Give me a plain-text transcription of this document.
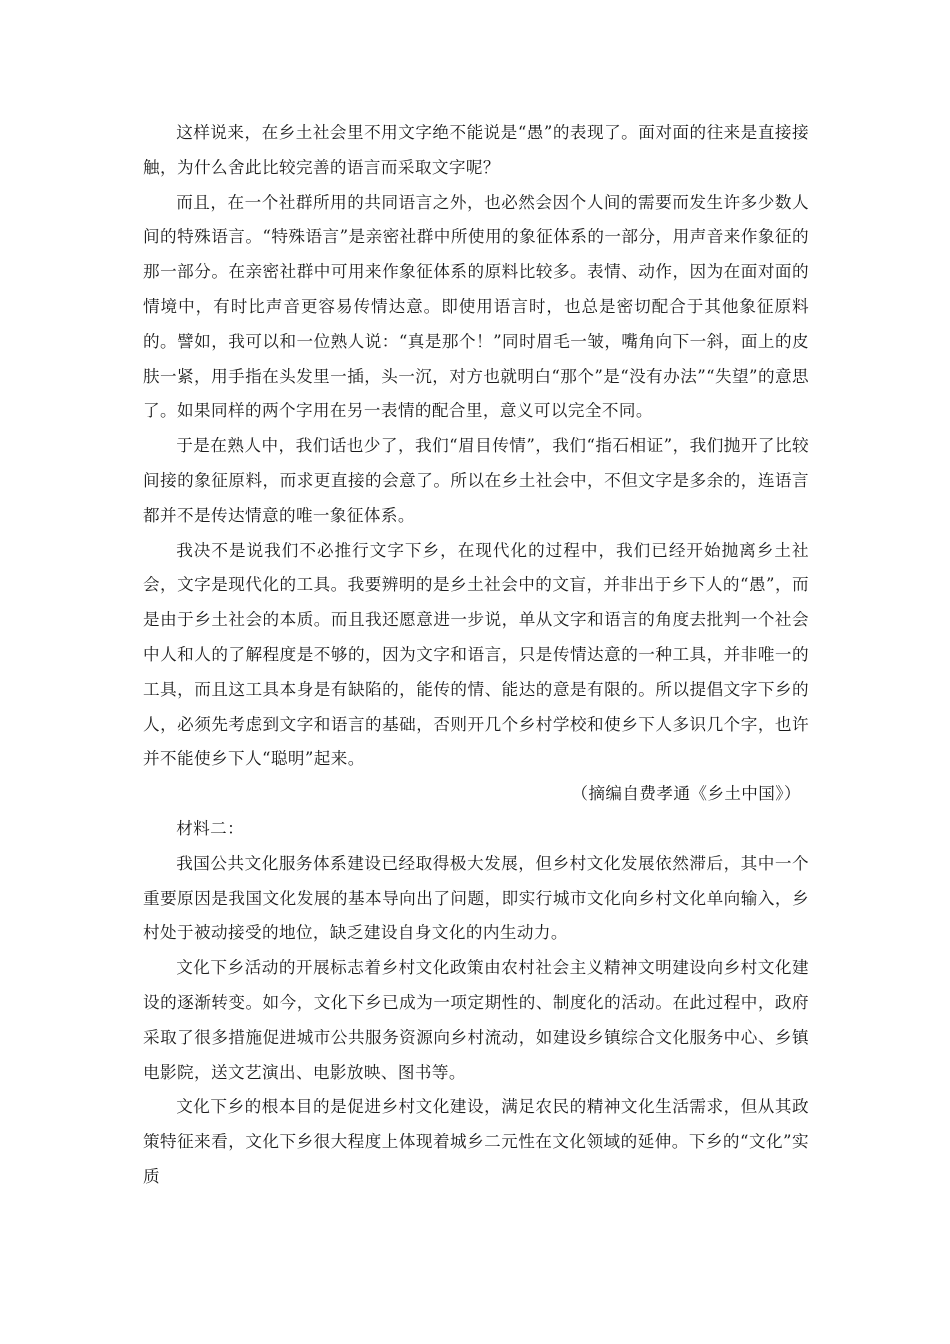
这样说来，在乡土社会里不用文字绝不能说是“愚”的表现了。面对面的往来是直接接触，为什么舍此比较完善的语言而采取文字呢？

而且，在一个社群所用的共同语言之外，也必然会因个人间的需要而发生许多少数人间的特殊语言。“特殊语言”是亲密社群中所使用的象征体系的一部分，用声音来作象征的那一部分。在亲密社群中可用来作象征体系的原料比较多。表情、动作，因为在面对面的情境中，有时比声音更容易传情达意。即使用语言时，也总是密切配合于其他象征原料的。譬如，我可以和一位熟人说：“真是那个！”同时眉毛一皱，嘴角向下一斜，面上的皮肤一紧，用手指在头发里一插，头一沉，对方也就明白“那个”是“没有办法”“失望”的意思了。如果同样的两个字用在另一表情的配合里，意义可以完全不同。

于是在熟人中，我们话也少了，我们“眉目传情”，我们“指石相证”，我们抛开了比较间接的象征原料，而求更直接的会意了。所以在乡土社会中，不但文字是多余的，连语言都并不是传达情意的唯一象征体系。

我决不是说我们不必推行文字下乡，在现代化的过程中，我们已经开始抛离乡土社会，文字是现代化的工具。我要辨明的是乡土社会中的文盲，并非出于乡下人的“愚”，而是由于乡土社会的本质。而且我还愿意进一步说，单从文字和语言的角度去批判一个社会中人和人的了解程度是不够的，因为文字和语言，只是传情达意的一种工具，并非唯一的工具，而且这工具本身是有缺陷的，能传的情、能达的意是有限的。所以提倡文字下乡的人，必须先考虑到文字和语言的基础，否则开几个乡村学校和使乡下人多识几个字，也许并不能使乡下人“聪明”起来。

（摘编自费孝通《乡土中国》）

材料二：

我国公共文化服务体系建设已经取得极大发展，但乡村文化发展依然滞后，其中一个重要原因是我国文化发展的基本导向出了问题，即实行城市文化向乡村文化单向输入，乡村处于被动接受的地位，缺乏建设自身文化的内生动力。

文化下乡活动的开展标志着乡村文化政策由农村社会主义精神文明建设向乡村文化建设的逐渐转变。如今，文化下乡已成为一项定期性的、制度化的活动。在此过程中，政府采取了很多措施促进城市公共服务资源向乡村流动，如建设乡镇综合文化服务中心、乡镇电影院，送文艺演出、电影放映、图书等。

文化下乡的根本目的是促进乡村文化建设，满足农民的精神文化生活需求，但从其政策特征来看，文化下乡很大程度上体现着城乡二元性在文化领域的延伸。下乡的“文化”实质
